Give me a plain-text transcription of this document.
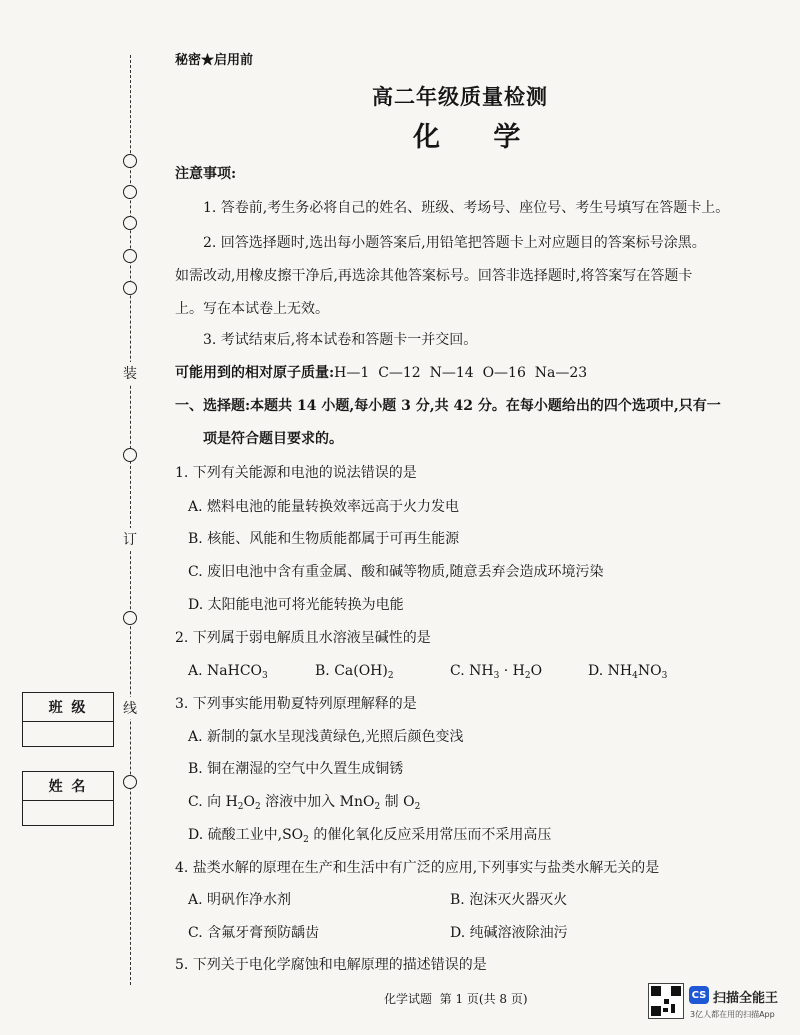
装
订
线
班 级
姓 名
秘密★启用前
高二年级质量检测
化 学
注意事项:
1. 答卷前,考生务必将自己的姓名、班级、考场号、座位号、考生号填写在答题卡上。
2. 回答选择题时,选出每小题答案后,用铅笔把答题卡上对应题目的答案标号涂黑。
如需改动,用橡皮擦干净后,再选涂其他答案标号。回答非选择题时,将答案写在答题卡
上。写在本试卷上无效。
3. 考试结束后,将本试卷和答题卡一并交回。
可能用到的相对原子质量:H—1  C—12  N—14  O—16  Na—23
一、选择题:本题共 14 小题,每小题 3 分,共 42 分。在每小题给出的四个选项中,只有一
项是符合题目要求的。
1. 下列有关能源和电池的说法错误的是
A. 燃料电池的能量转换效率远高于火力发电
B. 核能、风能和生物质能都属于可再生能源
C. 废旧电池中含有重金属、酸和碱等物质,随意丢弃会造成环境污染
D. 太阳能电池可将光能转换为电能
2. 下列属于弱电解质且水溶液呈碱性的是
A. NaHCO$_3$	B. $Ca(OH)_2$	C. $NH_3 \cdot H_2O$	D. $NH_4NO_3$
3. 下列事实能用勒夏特列原理解释的是
A. 新制的氯水呈现浅黄绿色,光照后颜色变浅
B. 铜在潮湿的空气中久置生成铜锈
C. 向 $H_2O_2$ 溶液中加入 MnO$_2$ 制 $O_2$
D. 硫酸工业中$,SO_2$ 的催化氧化反应采用常压而不采用高压
4. 盐类水解的原理在生产和生活中有广泛的应用,下列事实与盐类水解无关的是
A. 明矾作净水剂	B. 泡沫灭火器灭火
C. 含氟牙膏预防龋齿	D. 纯碱溶液除油污
5. 下列关于电化学腐蚀和电解原理的描述错误的是
化学试题  第 1 页(共 8 页)	CS 扫描全能王
3亿人都在用的扫描App
